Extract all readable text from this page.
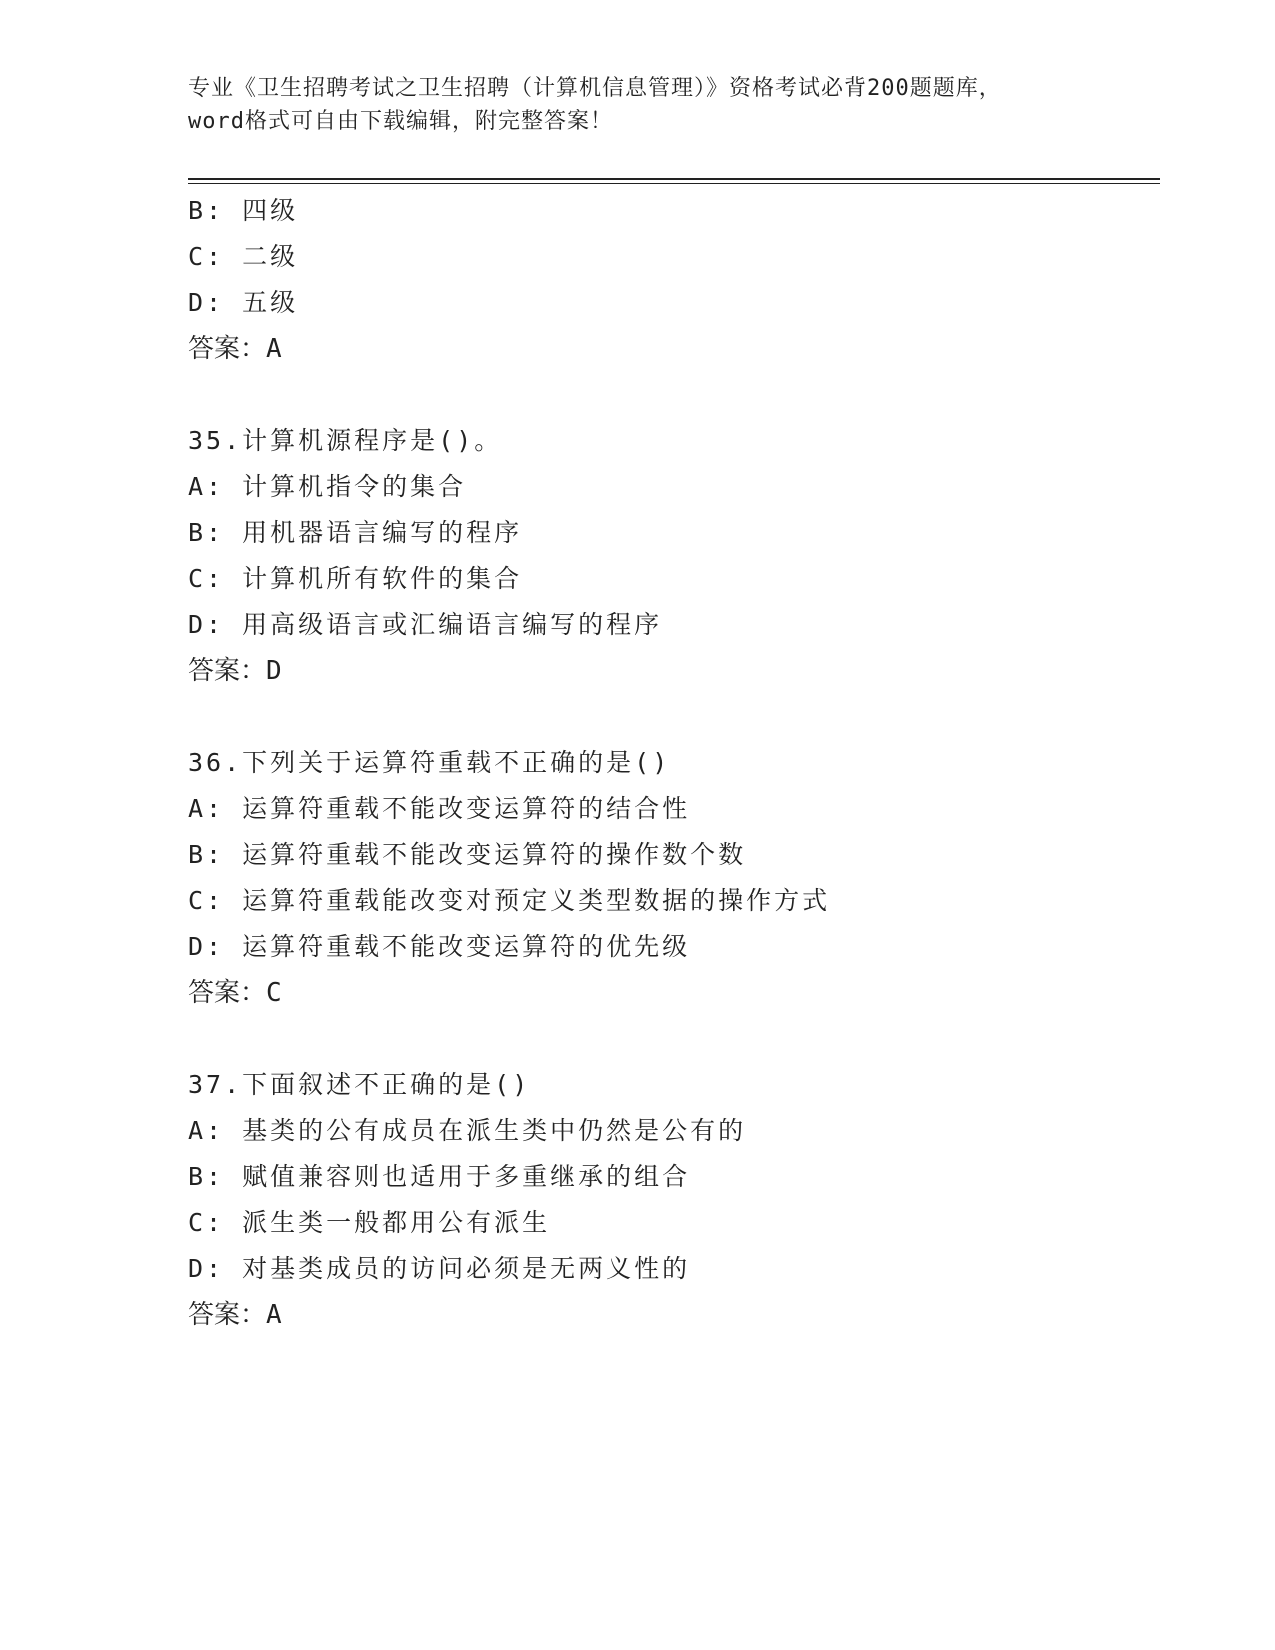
专业《卫生招聘考试之卫生招聘（计算机信息管理）》资格考试必背200题题库，
word格式可自由下载编辑，附完整答案！
B: 四级
C: 二级
D: 五级
答案：A
35.计算机源程序是()。
A: 计算机指令的集合
B: 用机器语言编写的程序
C: 计算机所有软件的集合
D: 用高级语言或汇编语言编写的程序
答案：D
36.下列关于运算符重载不正确的是()
A: 运算符重载不能改变运算符的结合性
B: 运算符重载不能改变运算符的操作数个数
C: 运算符重载能改变对预定义类型数据的操作方式
D: 运算符重载不能改变运算符的优先级
答案：C
37.下面叙述不正确的是()
A: 基类的公有成员在派生类中仍然是公有的
B: 赋值兼容则也适用于多重继承的组合
C: 派生类一般都用公有派生
D: 对基类成员的访问必须是无两义性的
答案：A
